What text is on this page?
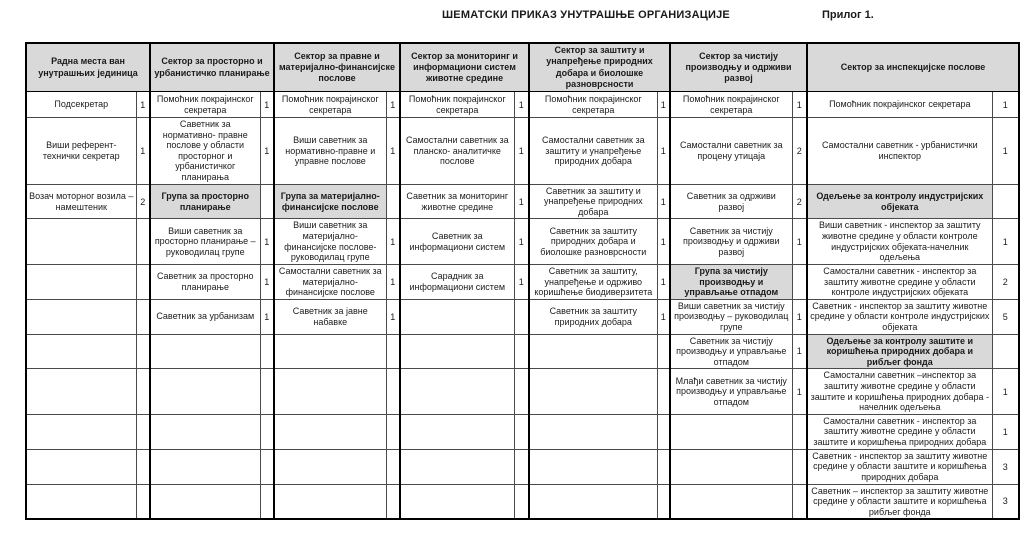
ШЕМАТСКИ ПРИКАЗ УНУТРАШЊЕ ОРГАНИЗАЦИЈЕ	Прилог 1.
Радна места ван унутрашњих јединица		Сектор за просторно и урбанистичко планирање		Сектор за правне и материјално-финансијске послове		Сектор за мониторинг и информациони систем животне средине		Сектор за заштиту и унапређење природних добара и биолошке разноврсности		Сектор за чистију производњу и одрживи развој		Сектор за инспекцијске послове	
Подсекретар	1	Помоћник покрајинског секретара	1	Помоћник покрајинског секретара	1	Помоћник покрајинског секретара	1	Помоћник покрајинског секретара	1	Помоћник покрајинског секретара	1	Помоћник покрајинског секретара	1
Виши референт-технички секретар	1	Саветник за нормативно- правне послове у области просторног и урбанистичког планирања	1	Виши саветник за нормативно-правне и управне послове	1	Самостални саветник за планско- аналитичке послове	1	Самостални саветник за заштиту и унапређење природних добара	1	Самостални саветник за процену утицаја	2	Самостални саветник - урбанистички инспектор	1
Возач моторног возила – намештеник	2	Група за просторно планирање		Група за материјално-финансијске послове		Саветник за мониторинг животне средине	1	Саветник за заштиту и унапређење природних добара	1	Саветник за одрживи развој	2	Одељење за контролу индустријских објеката	
		Виши саветник за просторно планирање – руководилац групе	1	Виши саветник за материјално-финансијске послове- руководилац групе	1	Саветник за информациони систем	1	Саветник за заштиту природних добара и биолошке разноврсности	1	Саветник за чистију производњу и одрживи развој	1	Виши саветник - инспектор за заштиту животне средине у области контроле индустријских објеката-начелник одељења	1
		Саветник за просторно планирање	1	Самостални саветник за материјално-финансијске послове	1	Сарадник за информациони систем	1	Саветник за заштиту, унапређење и одрживо коришћење биодиверзитета	1	Група за чистију производњу и управљање отпадом		Самостални саветник - инспектор за заштиту животне средине у области контроле индустријских објеката	2
		Саветник за урбанизам	1	Саветник за јавне набавке	1			Саветник за заштиту природних добара	1	Виши саветник за чистију производњу – руководилац групе	1	Саветник - инспектор за заштиту животне средине у области контроле индустријских објеката	5
										Саветник за чистију производњу и управљање отпадом	1	Одељење за контролу заштите и коришћења природних добара и рибљег фонда	
										Млађи саветник за чистију производњу и управљање отпадом	1	Самостални саветник –инспектор за заштиту животне средине у области заштите и коришћења природних добара - начелник одељења	1
												Самостални саветник - инспектор за заштиту животне средине у области заштите и коришћења природних добара	1
												Саветник - инспектор за заштиту животне средине у области заштите и коришћења природних добара	3
												Саветник – инспектор за заштиту животне средине у области заштите и коришћења рибљег фонда	3
